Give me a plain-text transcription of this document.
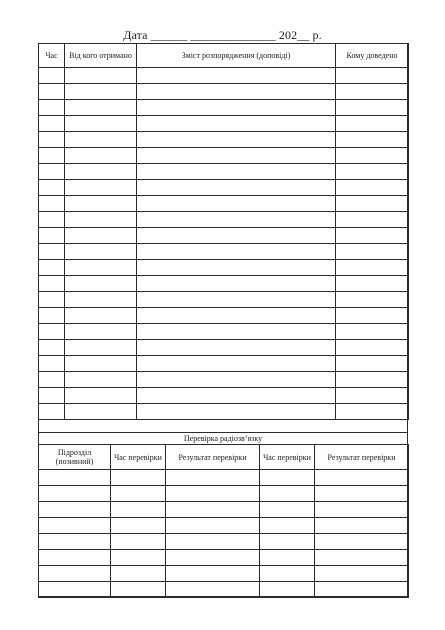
Дата ______ ______________ 202__ р.
Час	Від кого отримано	Зміст розпорядження (доповіді)	Кому доведено

Перевірка радіозв’язку
Підрозділ (позивний)	Час перевірки	Результат перевірки	Час перевірки	Результат перевірки
